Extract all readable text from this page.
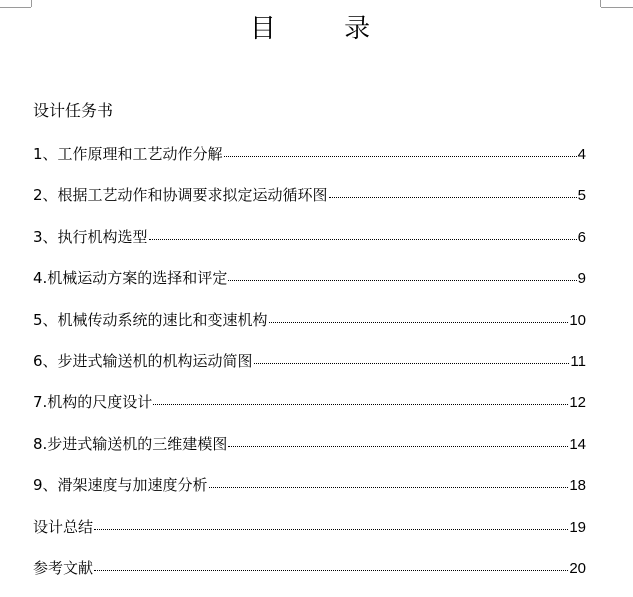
目 录
设计任务书
1、工作原理和工艺动作分解	4
2、根据工艺动作和协调要求拟定运动循环图	5
3、执行机构选型	6
4.机械运动方案的选择和评定	9
5、机械传动系统的速比和变速机构	10
6、步进式输送机的机构运动简图	11
7.机构的尺度设计	12
8.步进式输送机的三维建模图	14
9、滑架速度与加速度分析	18
设计总结	19
参考文献	20
